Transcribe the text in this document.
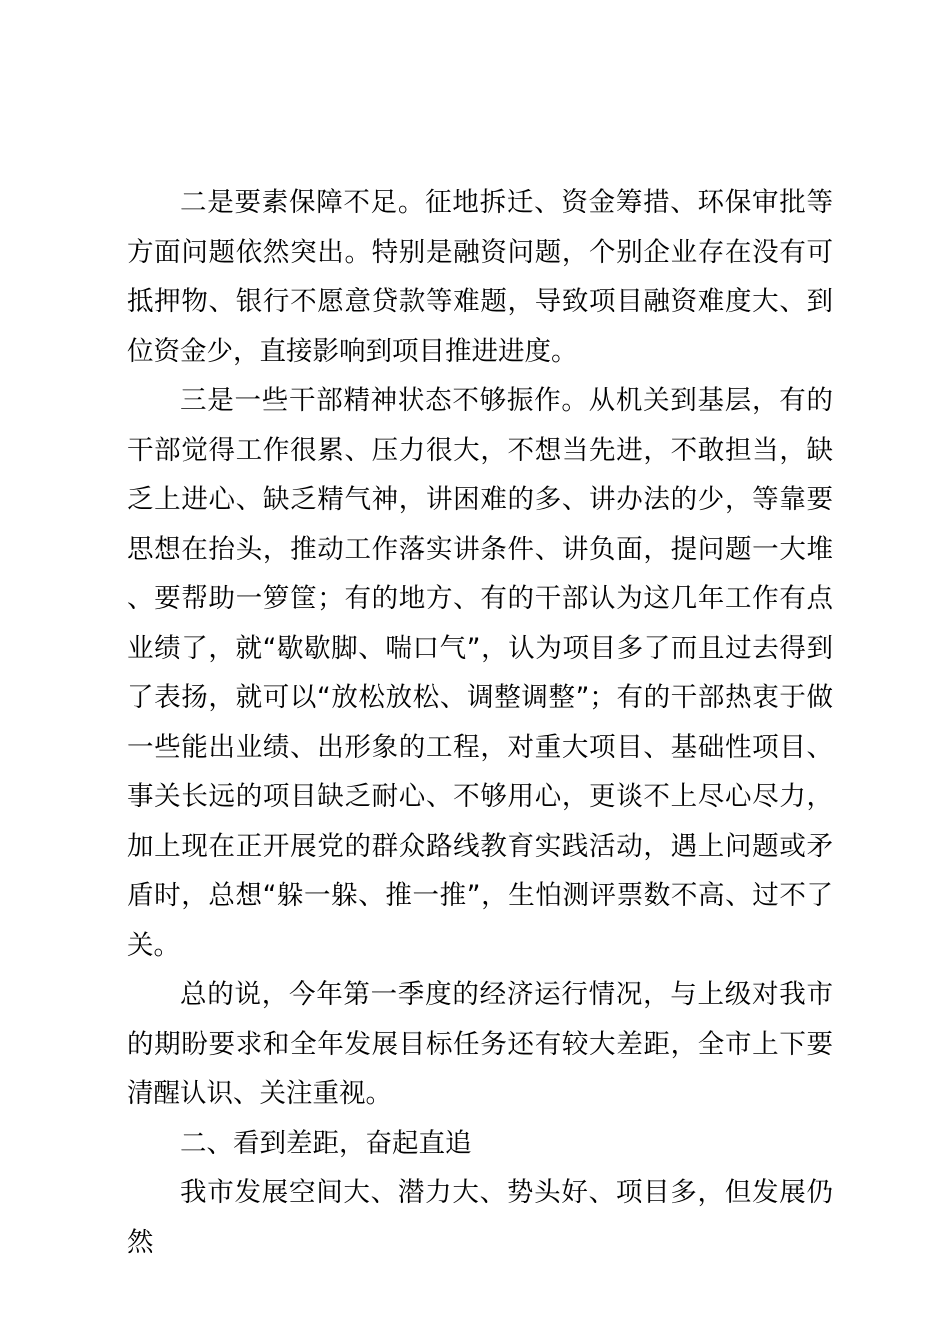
二是要素保障不足。征地拆迁、资金筹措、环保审批等方面问题依然突出。特别是融资问题，个别企业存在没有可抵押物、银行不愿意贷款等难题，导致项目融资难度大、到位资金少，直接影响到项目推进进度。

三是一些干部精神状态不够振作。从机关到基层，有的干部觉得工作很累、压力很大，不想当先进，不敢担当，缺乏上进心、缺乏精气神，讲困难的多、讲办法的少，等靠要思想在抬头，推动工作落实讲条件、讲负面，提问题一大堆、要帮助一箩筐；有的地方、有的干部认为这几年工作有点业绩了，就“歇歇脚、喘口气”，认为项目多了而且过去得到了表扬，就可以“放松放松、调整调整”；有的干部热衷于做一些能出业绩、出形象的工程，对重大项目、基础性项目、事关长远的项目缺乏耐心、不够用心，更谈不上尽心尽力，加上现在正开展党的群众路线教育实践活动，遇上问题或矛盾时，总想“躲一躲、推一推”，生怕测评票数不高、过不了关。

总的说，今年第一季度的经济运行情况，与上级对我市的期盼要求和全年发展目标任务还有较大差距，全市上下要清醒认识、关注重视。

二、看到差距，奋起直追

我市发展空间大、潜力大、势头好、项目多，但发展仍然
